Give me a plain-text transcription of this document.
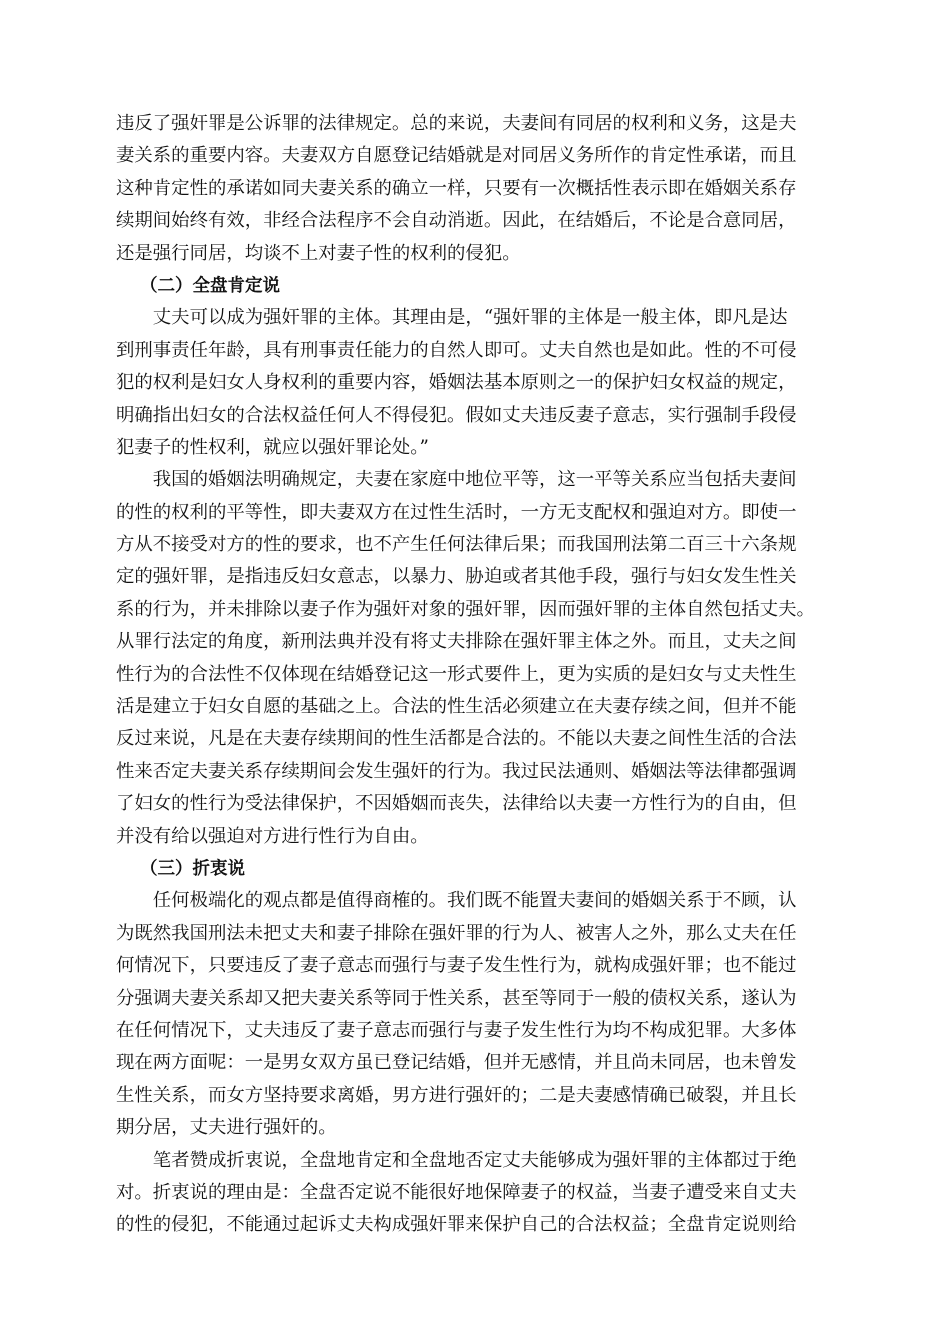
违反了强奸罪是公诉罪的法律规定。总的来说，夫妻间有同居的权利和义务，这是夫
妻关系的重要内容。夫妻双方自愿登记结婚就是对同居义务所作的肯定性承诺，而且
这种肯定性的承诺如同夫妻关系的确立一样，只要有一次概括性表示即在婚姻关系存
续期间始终有效，非经合法程序不会自动消逝。因此，在结婚后，不论是合意同居，
还是强行同居，均谈不上对妻子性的权利的侵犯。
（二）全盘肯定说
　　丈夫可以成为强奸罪的主体。其理由是，“强奸罪的主体是一般主体，即凡是达
到刑事责任年龄，具有刑事责任能力的自然人即可。丈夫自然也是如此。性的不可侵
犯的权利是妇女人身权利的重要内容，婚姻法基本原则之一的保护妇女权益的规定，
明确指出妇女的合法权益任何人不得侵犯。假如丈夫违反妻子意志，实行强制手段侵
犯妻子的性权利，就应以强奸罪论处。”
　　我国的婚姻法明确规定，夫妻在家庭中地位平等，这一平等关系应当包括夫妻间
的性的权利的平等性，即夫妻双方在过性生活时，一方无支配权和强迫对方。即使一
方从不接受对方的性的要求，也不产生任何法律后果；而我国刑法第二百三十六条规
定的强奸罪，是指违反妇女意志，以暴力、胁迫或者其他手段，强行与妇女发生性关
系的行为，并未排除以妻子作为强奸对象的强奸罪，因而强奸罪的主体自然包括丈夫。
从罪行法定的角度，新刑法典并没有将丈夫排除在强奸罪主体之外。而且，丈夫之间
性行为的合法性不仅体现在结婚登记这一形式要件上，更为实质的是妇女与丈夫性生
活是建立于妇女自愿的基础之上。合法的性生活必须建立在夫妻存续之间，但并不能
反过来说，凡是在夫妻存续期间的性生活都是合法的。不能以夫妻之间性生活的合法
性来否定夫妻关系存续期间会发生强奸的行为。我过民法通则、婚姻法等法律都强调
了妇女的性行为受法律保护，不因婚姻而丧失，法律给以夫妻一方性行为的自由，但
并没有给以强迫对方进行性行为自由。
（三）折衷说
　　任何极端化的观点都是值得商榷的。我们既不能置夫妻间的婚姻关系于不顾，认
为既然我国刑法未把丈夫和妻子排除在强奸罪的行为人、被害人之外，那么丈夫在任
何情况下，只要违反了妻子意志而强行与妻子发生性行为，就构成强奸罪；也不能过
分强调夫妻关系却又把夫妻关系等同于性关系，甚至等同于一般的债权关系，遂认为
在任何情况下，丈夫违反了妻子意志而强行与妻子发生性行为均不构成犯罪。大多体
现在两方面呢：一是男女双方虽已登记结婚，但并无感情，并且尚未同居，也未曾发
生性关系，而女方坚持要求离婚，男方进行强奸的；二是夫妻感情确已破裂，并且长
期分居，丈夫进行强奸的。
　　笔者赞成折衷说，全盘地肯定和全盘地否定丈夫能够成为强奸罪的主体都过于绝
对。折衷说的理由是：全盘否定说不能很好地保障妻子的权益，当妻子遭受来自丈夫
的性的侵犯，不能通过起诉丈夫构成强奸罪来保护自己的合法权益；全盘肯定说则给
